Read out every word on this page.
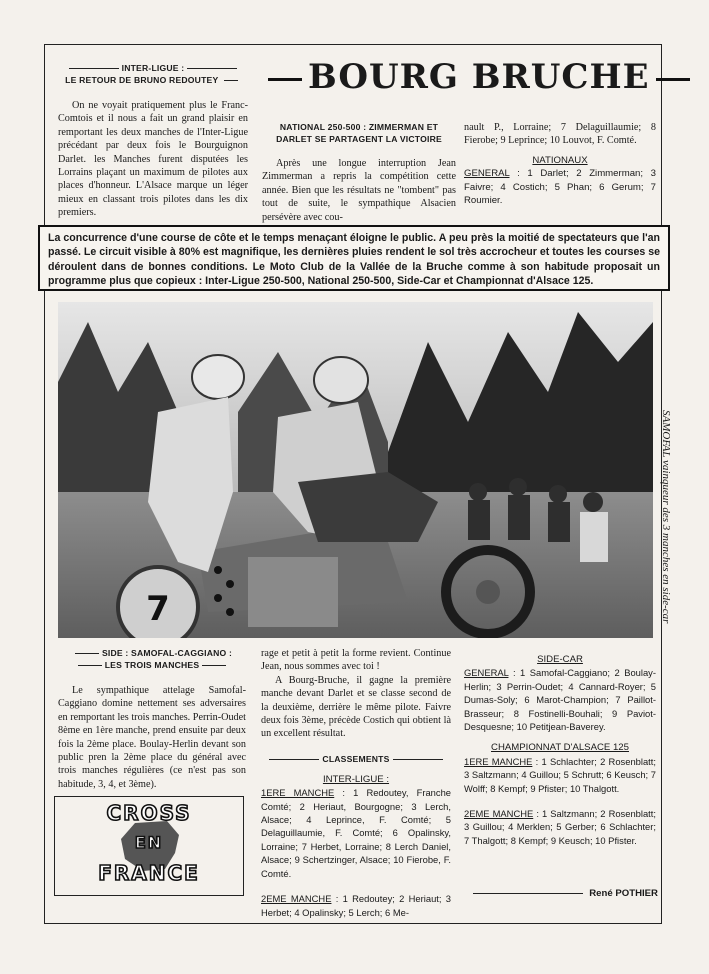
INTER-LIGUE :
LE RETOUR DE BRUNO REDOUTEY

On ne voyait pratiquement plus le Franc-Comtois et il nous a fait un grand plaisir en remportant les deux manches de l'Inter-Ligue précédant par deux fois le Bourguignon Darlet. les Manches furent disputées les Lorrains plaçant un maximum de pilotes aux places d'honneur. L'Alsace marque un léger mieux en classant trois pilotes dans les dix premiers.

BOURG BRUCHE
NATIONAL 250-500 : ZIMMERMAN ET
DARLET SE PARTAGENT LA VICTOIRE

Après une longue interruption Jean Zimmerman a repris la compétition cette année. Bien que les résultats ne "tombent" pas tout de suite, le sympathique Alsacien persévère avec cou-

nault P., Lorraine; 7 Delaguillaumie; 8 Fierobe; 9 Leprince; 10 Louvot, F. Comté.

NATIONAUX

GENERAL : 1 Darlet; 2 Zimmerman; 3 Faivre; 4 Costich; 5 Phan; 6 Gerum; 7 Roumier.

La concurrence d'une course de côte et le temps menaçant éloigne le public. A peu près la moitié de spectateurs que l'an passé. Le circuit visible à 80% est magnifique, les dernières pluies rendent le sol très accrocheur et toutes les courses se déroulent dans de bonnes conditions. Le Moto Club de la Vallée de la Bruche comme à son habitude proposait un programme plus que copieux : Inter-Ligue 250-500, National 250-500, Side-Car et Championnat d'Alsace 125.
7	SAMOFAL vainqueur des 3 manches en side-car
SIDE : SAMOFAL-CAGGIANO :
LES TROIS MANCHES

Le sympathique attelage Samofal-Caggiano domine nettement ses adversaires en remportant les trois manches. Perrin-Oudet 8ème en 1ère manche, prend ensuite par deux fois la 2ème place. Boulay-Herlin devant son public pren la 2ème place du général avec trois manches régulières (ce n'est pas son habitude, 3, 4, et 3ème).

CROSS
EN
FRANCE

rage et petit à petit la forme revient. Continue Jean, nous sommes avec toi !

A Bourg-Bruche, il gagne la première manche devant Darlet et se classe second de la deuxième, derrière le même pilote. Faivre deux fois 3ème, précède Costich qui obtient là un excellent résultat.

CLASSEMENTS
INTER-LIGUE :

1ERE MANCHE : 1 Redoutey, Franche Comté; 2 Heriaut, Bourgogne; 3 Lerch, Alsace; 4 Leprince, F. Comté; 5 Delaguillaumie, F. Comté; 6 Opalinsky, Lorraine; 7 Herbet, Lorraine; 8 Lerch Daniel, Alsace; 9 Schertzinger, Alsace; 10 Fierobe, F. Comté.

2EME MANCHE : 1 Redoutey; 2 Heriaut; 3 Herbet; 4 Opalinsky; 5 Lerch; 6 Me-

SIDE-CAR

GENERAL : 1 Samofal-Caggiano; 2 Boulay-Herlin; 3 Perrin-Oudet; 4 Cannard-Royer; 5 Dumas-Soly; 6 Marot-Champion; 7 Paillot-Brasseur; 8 Fostinelli-Bouhali; 9 Paviot-Desquesne; 10 Petitjean-Baverey.

CHAMPIONNAT D'ALSACE 125

1ERE MANCHE : 1 Schlachter; 2 Rosenblatt; 3 Saltzmann; 4 Guillou; 5 Schrutt; 6 Keusch; 7 Wolff; 8 Kempf; 9 Pfister; 10 Thalgott.

2EME MANCHE : 1 Saltzmann; 2 Rosenblatt; 3 Guillou; 4 Merklen; 5 Gerber; 6 Schlachter; 7 Thalgott; 8 Kempf; 9 Keusch; 10 Pfister.

René POTHIER
